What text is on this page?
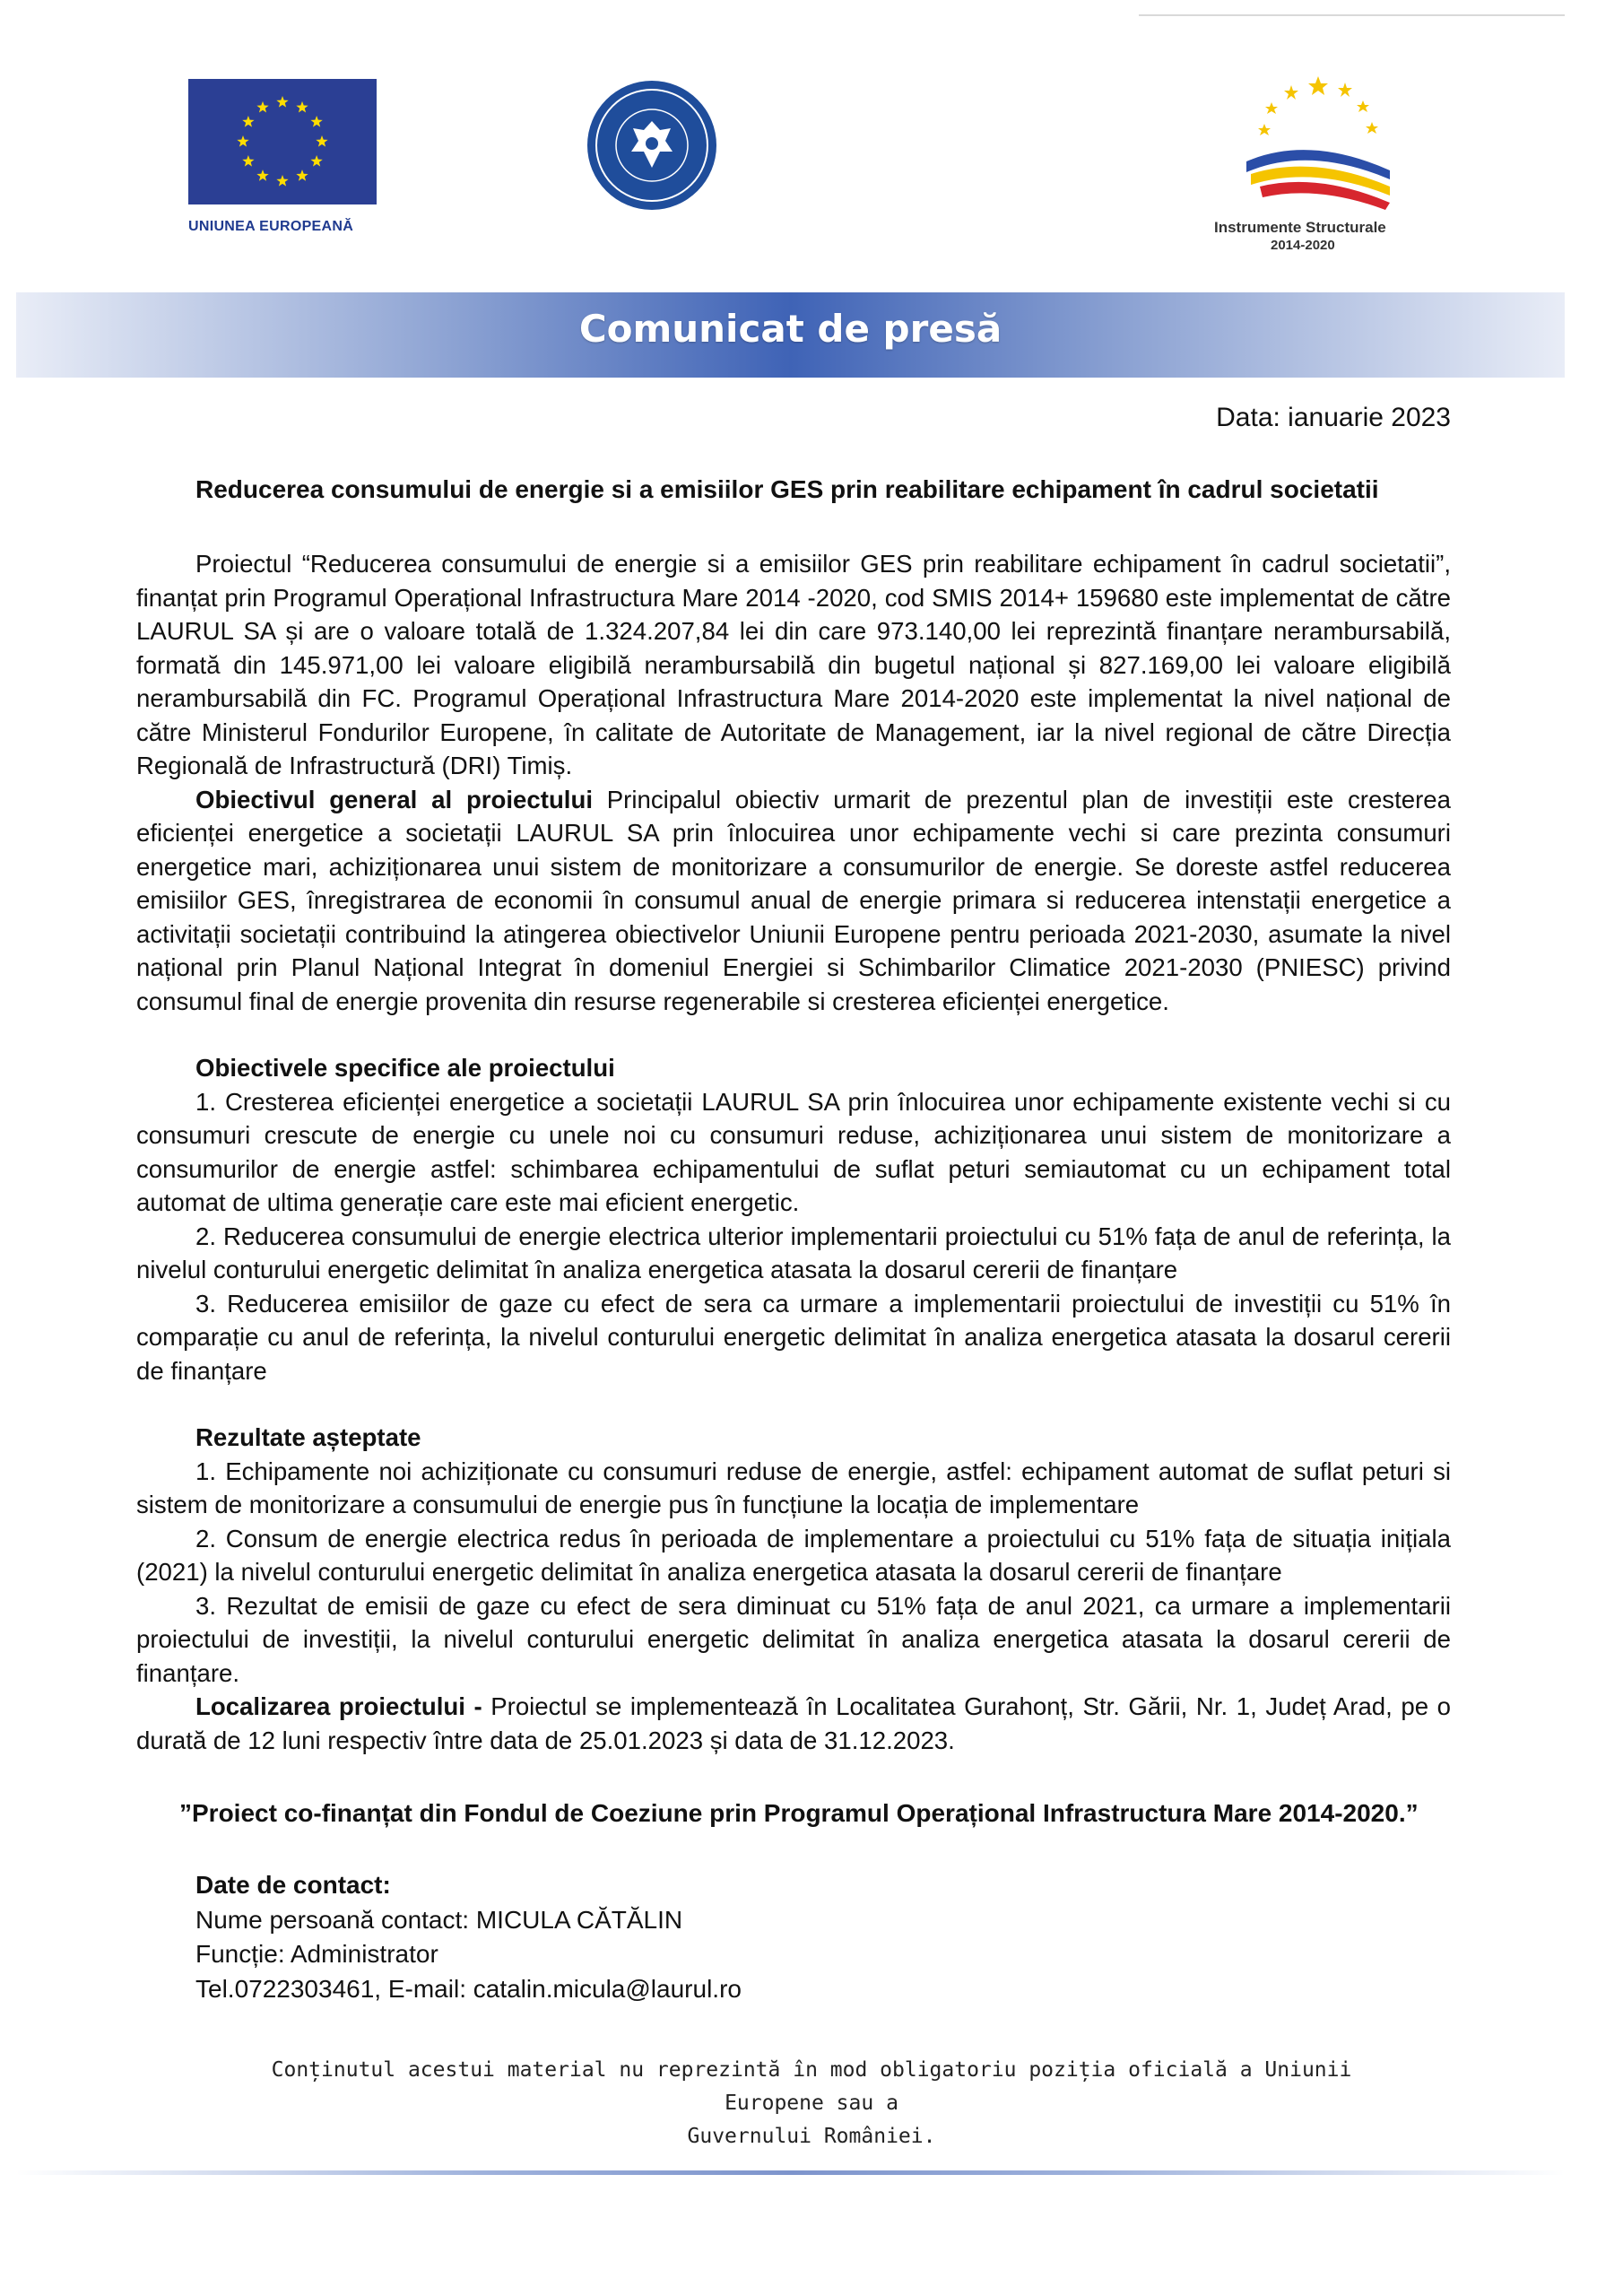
UNIUNEA EUROPEANĂ	Instrumente Structurale
2014-2020
Comunicat de presă
Data: ianuarie 2023
Reducerea consumului de energie si a emisiilor GES prin reabilitare echipament în cadrul societatii

Proiectul “Reducerea consumului de energie si a emisiilor GES prin reabilitare echipament în cadrul societatii”, finanțat prin Programul Operațional Infrastructura Mare 2014 -2020, cod SMIS 2014+ 159680 este implementat de către LAURUL SA și are o valoare totală de 1.324.207,84 lei din care 973.140,00 lei reprezintă finanțare nerambursabilă, formată din 145.971,00 lei valoare eligibilă nerambursabilă din bugetul național și 827.169,00 lei valoare eligibilă nerambursabilă din FC. Programul Operațional Infrastructura Mare 2014-2020 este implementat la nivel național de către Ministerul Fondurilor Europene, în calitate de Autoritate de Management, iar la nivel regional de către Direcția Regională de Infrastructură (DRI) Timiș.

Obiectivul general al proiectului Principalul obiectiv urmarit de prezentul plan de investiții este cresterea eficienței energetice a societații LAURUL SA prin înlocuirea unor echipamente vechi si care prezinta consumuri energetice mari, achiziționarea unui sistem de monitorizare a consumurilor de energie. Se doreste astfel reducerea emisiilor GES, înregistrarea de economii în consumul anual de energie primara si reducerea intenstații energetice a activitații societații contribuind la atingerea obiectivelor Uniunii Europene pentru perioada 2021-2030, asumate la nivel național prin Planul Național Integrat în domeniul Energiei si Schimbarilor Climatice 2021-2030 (PNIESC) privind consumul final de energie provenita din resurse regenerabile si cresterea eficienței energetice.

Obiectivele specifice ale proiectului

1. Cresterea eficienței energetice a societații LAURUL SA prin înlocuirea unor echipamente existente vechi si cu consumuri crescute de energie cu unele noi cu consumuri reduse, achiziționarea unui sistem de monitorizare a consumurilor de energie astfel: schimbarea echipamentului de suflat peturi semiautomat cu un echipament total automat de ultima generație care este mai eficient energetic.

2. Reducerea consumului de energie electrica ulterior implementarii proiectului cu 51% fața de anul de referința, la nivelul conturului energetic delimitat în analiza energetica atasata la dosarul cererii de finanțare

3. Reducerea emisiilor de gaze cu efect de sera ca urmare a implementarii proiectului de investiții cu 51% în comparație cu anul de referința, la nivelul conturului energetic delimitat în analiza energetica atasata la dosarul cererii de finanțare

Rezultate așteptate

1. Echipamente noi achiziționate cu consumuri reduse de energie, astfel: echipament automat de suflat peturi si sistem de monitorizare a consumului de energie pus în funcțiune la locația de implementare

2. Consum de energie electrica redus în perioada de implementare a proiectului cu 51% fața de situația inițiala (2021) la nivelul conturului energetic delimitat în analiza energetica atasata la dosarul cererii de finanțare

3. Rezultat de emisii de gaze cu efect de sera diminuat cu 51% fața de anul 2021, ca urmare a implementarii proiectului de investiții, la nivelul conturului energetic delimitat în analiza energetica atasata la dosarul cererii de finanțare.

Localizarea proiectului - Proiectul se implementează în Localitatea Gurahonț, Str. Gării, Nr. 1, Județ Arad, pe o durată de 12 luni respectiv între data de 25.01.2023 și data de 31.12.2023.

”Proiect co-finanțat din Fondul de Coeziune prin Programul Operațional Infrastructura Mare 2014-2020.”
Date de contact:
Nume persoană contact: MICULA CĂTĂLIN
Funcție: Administrator
Tel.0722303461, E-mail: catalin.micula@laurul.ro
Conținutul acestui material nu reprezintă în mod obligatoriu poziția oficială a Uniunii Europene sau a
Guvernului României.
